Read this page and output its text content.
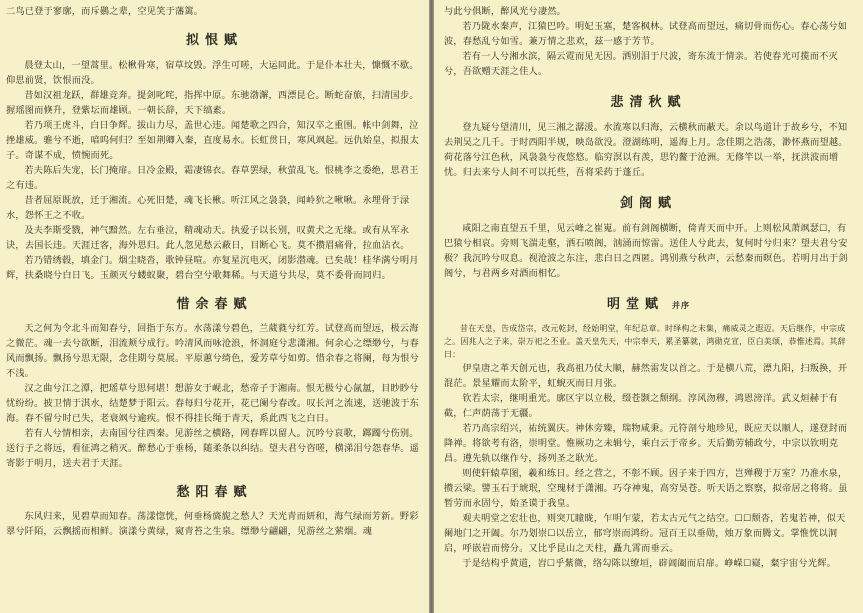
二鸟已登于寥廓，而斥鷃之辈，空见笑于藩篱。

拟恨赋

晨登太山，一望蒿里。松楸骨寒，宿草坟毁。浮生可嗟，大运同此。于是仆本壮夫，慷慨不歇。仰思前贤，饮恨而没。

昔如汉祖龙跃，群雄竞奔。提剑叱咤，指挥中原。东驰渤澥，西漂昆仑。断蛇奋旅，扫清国步。握瑶图而倏升，登紫坛而雄顾。一朝长辞，天下缟素。

若乃项王虎斗，白日争辉。拔山力尽，盖世心违。闻楚歌之四合，知汉卒之重围。帐中剑舞，泣挫雄威。骓兮不逝，喑呜何归？至如荆卿入秦，直度易水。长虹贯日，寒风飒起。远仇始皇，拟报太子。奇谋不成，愤惋而死。

若夫陈后失宠，长门掩扉。日冷金殿，霜凄锦衣。春草罢绿，秋萤乱飞。恨桃李之委绝，思君王之有违。

昔者屈原既放，迁于湘流。心死旧楚，魂飞长楸。听江风之袅袅，闻岭狖之啾啾。永埋骨于渌水，怨怀王之不收。

及夫李斯受戮，神气黯然。左右垂泣，精魂动天。执爱子以长别，叹黄犬之无缘。或有从军永诀，去国长违。天涯迁客，海外思归。此人忽见愁云蔽日，目断心飞。莫不攒眉痛骨，拉血沾衣。

若乃错绣毂，填金门。烟尘晓沓，歌钟昼喧。亦复星沉电灭，闭影潜魂。已矣哉！桂华满兮明月辉，扶桑晓兮白日飞。玉颜灭兮蝼蚁聚，碧台空兮歌舞稀。与天道兮共尽，莫不委骨而同归。

惜余春赋

天之何为令北斗而知春兮，回指于东方。水荡漾兮碧色，兰葳蕤兮红芳。试登高而望远，极云海之微茫。魂一去兮欲断，泪流颊兮成行。吟清风而咏沧浪，怀洞庭兮悲潇湘。何余心之缥缈兮，与春风而飘扬。飘扬兮思无限，念佳期兮莫展。平原蕙兮绮色，爱芳草兮如剪。惜余春之将阑，每为恨兮不浅。

汉之曲兮江之潭，把瑶草兮思何堪！想游女于岘北，愁帝子于湘南。恨无极兮心氤氲，目眇眇兮忧纷纷。披卫情于淇水，结楚梦于阳云。春每归兮花开，花已阑兮春改。叹长河之流速，送驰波于东海。春不留兮时已失，老衰飒兮逾疾。恨不得挂长绳于青天，系此西飞之白日。

若有人兮情相亲，去南国兮往西秦。见游丝之横路，网春晖以留人。沉吟兮哀歌，踯躅兮伤别。送行子之将远，看征鸿之稍灭。醉愁心于垂杨，随柔条以纠结。望夫君兮咨嗟，横涕泪兮怨春华。遥寄影于明月，送夫君于天涯。

愁阳春赋

东风归来，见碧草而知春。荡漾惚恍，何垂杨旖旎之愁人？天光青而妍和，海气绿而芳新。野彩翠兮阡陌，云飘摇而相鲜。演漾兮黄绿，窥青苔之生泉。缥缈兮翩翩，见游丝之萦烟。魂

与此兮俱断，醉风光兮凄然。

若乃陇水秦声，江猿巴吟。明妃玉塞，楚客枫林。试登高而望远，痛切骨而伤心。春心荡兮如波，春愁乱兮如雪。兼万情之悲欢，兹一感于芳节。

若有一人兮湘水滨，隔云霓而见无因。洒别泪于尺波，寄东流于情亲。若使春光可揽而不灭兮，吾欲赠天涯之佳人。

悲清秋赋

登九疑兮望清川，见三湘之潺湲。水流寒以归海，云横秋而蔽天。余以鸟道计于故乡兮，不知去荆吴之几千。于时西阳半规，映岛欲没。澄湖练明，遥海上月。念佳期之浩荡，渺怀燕而望越。荷花落兮江色秋，风袅袅兮夜悠悠。临穷溟以有羡，思钓鳌于沧洲。无修竿以一举，抚洪波而增忧。归去来兮人间不可以托些，吾将采药于蓬丘。

剑阁赋

咸阳之南直望五千里，见云峰之崔嵬。前有剑阁横断，倚青天而中开。上则松风萧飒瑟☐，有巴猿兮相哀。旁则飞湍走壑，洒石喷阁，汹涌而惊雷。送佳人兮此去，复何时兮归来？望夫君兮安极？我沉吟兮叹息。视沧波之东注，悲白日之西匿。鸿别燕兮秋声，云愁秦而暝色。若明月出于剑阁兮，与君两乡对酒而相忆。

明堂赋 并序

昔在天皇，告成岱宗，改元乾封，经始明堂，年纪总章。时绎构之未集，痛威灵之遐迈。天后继作，中宗成之。因兆人之子来，崇万祀之丕业。盖天皇先天，中宗奉天，累圣纂就，鸿勋克宣，臣白美颂，恭惟述焉。其辞曰：

伊皇唐之革天创元也，我高祖乃仗大顺，赫然雷发以首之。于是横八荒，漂九阳，扫叛换，开混茫。景星耀而太阶平，虹蜺灭而日月张。

钦若太宗，继明重光。廓区宇以立极，缀苍颢之颓纲。淳风沕穆，鸿恩滂洋。武义烜赫于有截，仁声荫荡于无疆。

若乃高宗绍兴，祐统翼庆。神休旁臻，瑞物咸秉。元符剖兮地珍见，既应天以顺人，遂登封而降禅。将欲考有洛，崇明堂。惟厥功之未辑兮，乘白云于帝乡。天后勤劳辅政兮，中宗以钦明克昌。遵先轨以继作兮，扬列圣之耿光。

则使轩辕草图，羲和练日。经之营之，不彰不顾。因子来于四方，岂殚稷于万室？乃准水泉，攒云梁。譬玉石于琥珉，空瑰材于潇湘。巧夺神鬼，高穷昊苍。听天语之察察，拟帝居之将将。虽暂劳而永固兮，始圣谟于我皇。

观夫明堂之宏壮也，则突兀瞳眬，乍明乍蒙，若太古元气之结空。☐☐颓沓，若鬼若神，似天阑地门之开阖。尔乃划崇☐以岳立，郁穹崇而鸿纷。冠百王以垂勋，烛万象而腾文。掌惟恍以洞启，呼嵌岩而傍分。又比乎昆山之天柱，矗九霄而垂云。

于是结构乎黄道，岧☐乎紫微，络勾陈以缭垣，辟阊阖而启扉。峥嵘☐嶷，粲宇宙兮光辉。
